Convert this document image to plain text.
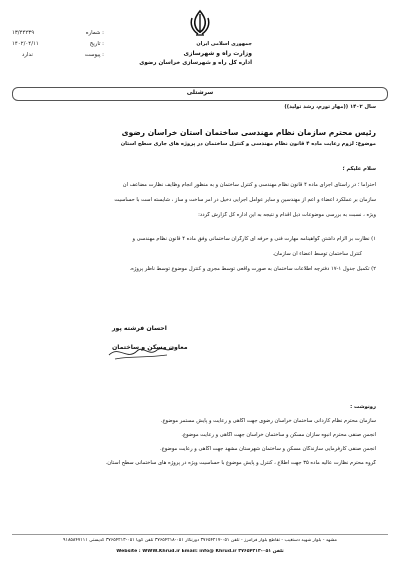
۱۳/۴۴۲۳۹	شماره :
۱۴۰۲/۰۴/۱۱	تاریخ :
ندارد	پیوست :
جمهوری اسلامی ایران
وزارت راه و شهرسازی
اداره کل راه و شهرسازی خراسان رضوی
سرشتلی
سال ۱۴۰۲ ((مهار تورم، رشد تولید))
رئیس محترم سازمان نظام مهندسی ساختمان استان خراسان رضوی
موضوع: لزوم رعایت ماده ۴ قانون نظام مهندسی و کنترل ساختمان در پروژه های جاری سطح استان
سلام علیکم ؛
احتراماً ؛ در راستای اجرای ماده ۴ قانون نظام مهندسی و کنترل ساختمان و به منظور انجام وظایف نظارت مضاعف آن
سازمان بر عملکرد اعضاء و اعم از مهندسین و سایر عوامل اجرایی دخیل در امر ساخت و ساز ، شایسته است با حساسیت
ویژه ، نسبت به بررسی موضوعات ذیل اقدام و نتیجه به این اداره کل گزارش گردد:
۱) نظارت بر الزام داشتن گواهینامه مهارت فنی و حرفه ای کارگران ساختمانی وفق ماده ۴ قانون نظام مهندسی و
کنترل ساختمان توسط اعضاء آن سازمان.
۲) تکمیل جدول ۱-۱۷ دفترچه اطلاعات ساختمان به صورت واقعی توسط مجری و کنترل موضوع توسط ناظر پروژه.
احسان فرشته پور
معاون مسکن و ساختمان
رونوشت :
سازمان محترم نظام کاردانی ساختمان خراسان رضوی جهت آگاهی و رعایت و پایش مستمر موضوع.
انجمن صنفی محترم انبوه سازان مسکن و ساختمان خراسان جهت آگاهی و رعایت موضوع.
انجمن صنفی کارفرمایی سازندگان مسکن و ساختمان شهرستان مشهد جهت آگاهی و رعایت موضوع.
گروه محترم نظارت عالیه ماده ۳۵ جهت اطلاع ، کنترل و پایش موضوع با حساسیت ویژه در پروژه های ساختمانی سطح استان.
مشهد - بلوار شهید دستغیب - تقاطع بلوار فرامرز - تلفن ۰۵۱-۳۷۶۵۴۲۱۷ دورنگار ۰۵۱-۳۷۶۵۴۲۱۸ تلفن گویا ۰۵۱-۳۷۶۵۴۲۱۳ کدپستی ۹۱۸۵۸۴۷۱۱۱
Website : WWW.Khrud.ir Email: info@ Khrud.ir تلفن ۰۵۱-۳۷۶۵۴۲۱۳
